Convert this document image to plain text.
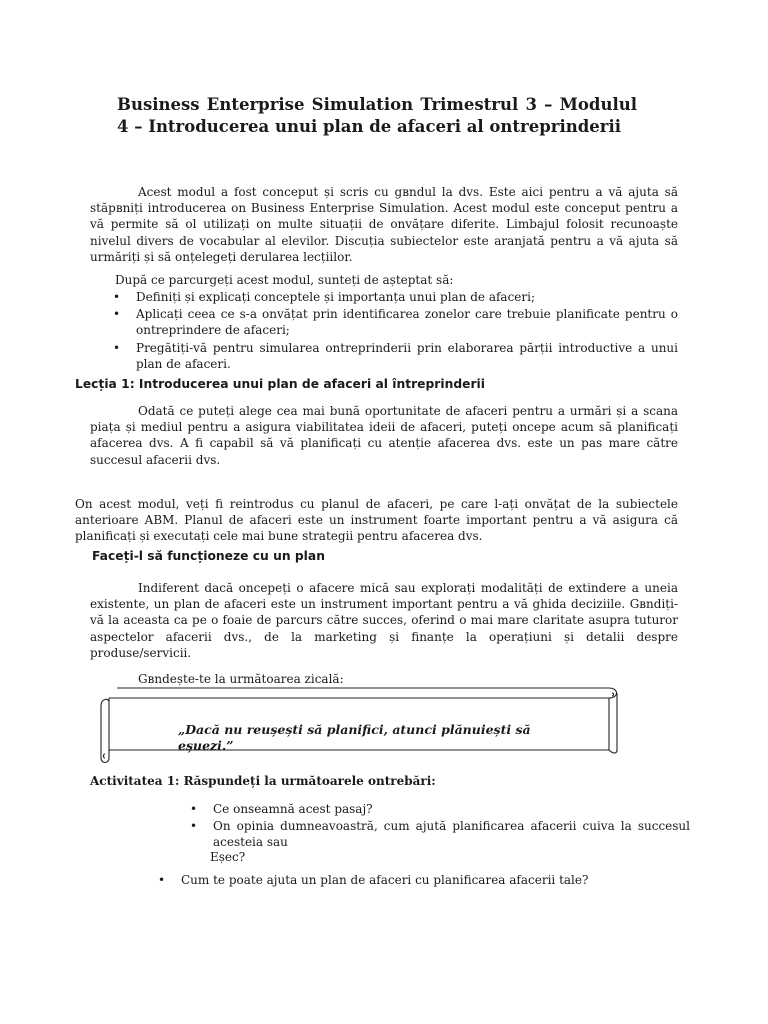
Business Enterprise Simulation Trimestrul 3 – Modulul 4 – Introducerea unui plan de afaceri al ontreprinderii
Acest modul a fost conceput și scris cu gвndul la dvs. Este aici pentru a vă ajuta să stăpвniți introducerea on Business Enterprise Simulation. Acest modul este conceput pentru a vă permite să ol utilizați on multe situații de onvățare diferite. Limbajul folosit recunoaște nivelul divers de vocabular al elevilor. Discuția subiectelor este aranjată pentru a vă ajuta să urmăriți și să onțelegeți derularea lecțiilor.
După ce parcurgeți acest modul, sunteți de așteptat să:
• Definiți și explicați conceptele și importanța unui plan de afaceri;
• Aplicați ceea ce s-a onvățat prin identificarea zonelor care trebuie planificate pentru o ontreprindere de afaceri;
• Pregătiți-vă pentru simularea ontreprinderii prin elaborarea părții introductive a unui plan de afaceri.
Lecția 1: Introducerea unui plan de afaceri al întreprinderii
Odată ce puteți alege cea mai bună oportunitate de afaceri pentru a urmări și a scana piața și mediul pentru a asigura viabilitatea ideii de afaceri, puteți oncepe acum să planificați afacerea dvs. A fi capabil să vă planificați cu atenție afacerea dvs. este un pas mare către succesul afacerii dvs.
On acest modul, veți fi reintrodus cu planul de afaceri, pe care l-ați onvățat de la subiectele anterioare ABM. Planul de afaceri este un instrument foarte important pentru a vă asigura că planificați și executați cele mai bune strategii pentru afacerea dvs.
Faceți-l să funcționeze cu un plan
Indiferent dacă oncepeți o afacere mică sau explorați modalități de extindere a uneia existente, un plan de afaceri este un instrument important pentru a vă ghida deciziile. Gвndiți-vă la aceasta ca pe o foaie de parcurs către succes, oferind o mai mare claritate asupra tuturor aspectelor afacerii dvs., de la marketing și finanțe la operațiuni și detalii despre produse/servicii.
Gвndește-te la următoarea zicală:
„Dacă nu reușești să planifici, atunci plănuiești să eșuezi.”
Activitatea 1: Răspundeți la următoarele ontrebări:
• Ce onseamnă acest pasaj?
• On opinia dumneavoastră, cum ajută planificarea afacerii cuiva la succesul acesteia sau
Eșec?
• Cum te poate ajuta un plan de afaceri cu planificarea afacerii tale?
